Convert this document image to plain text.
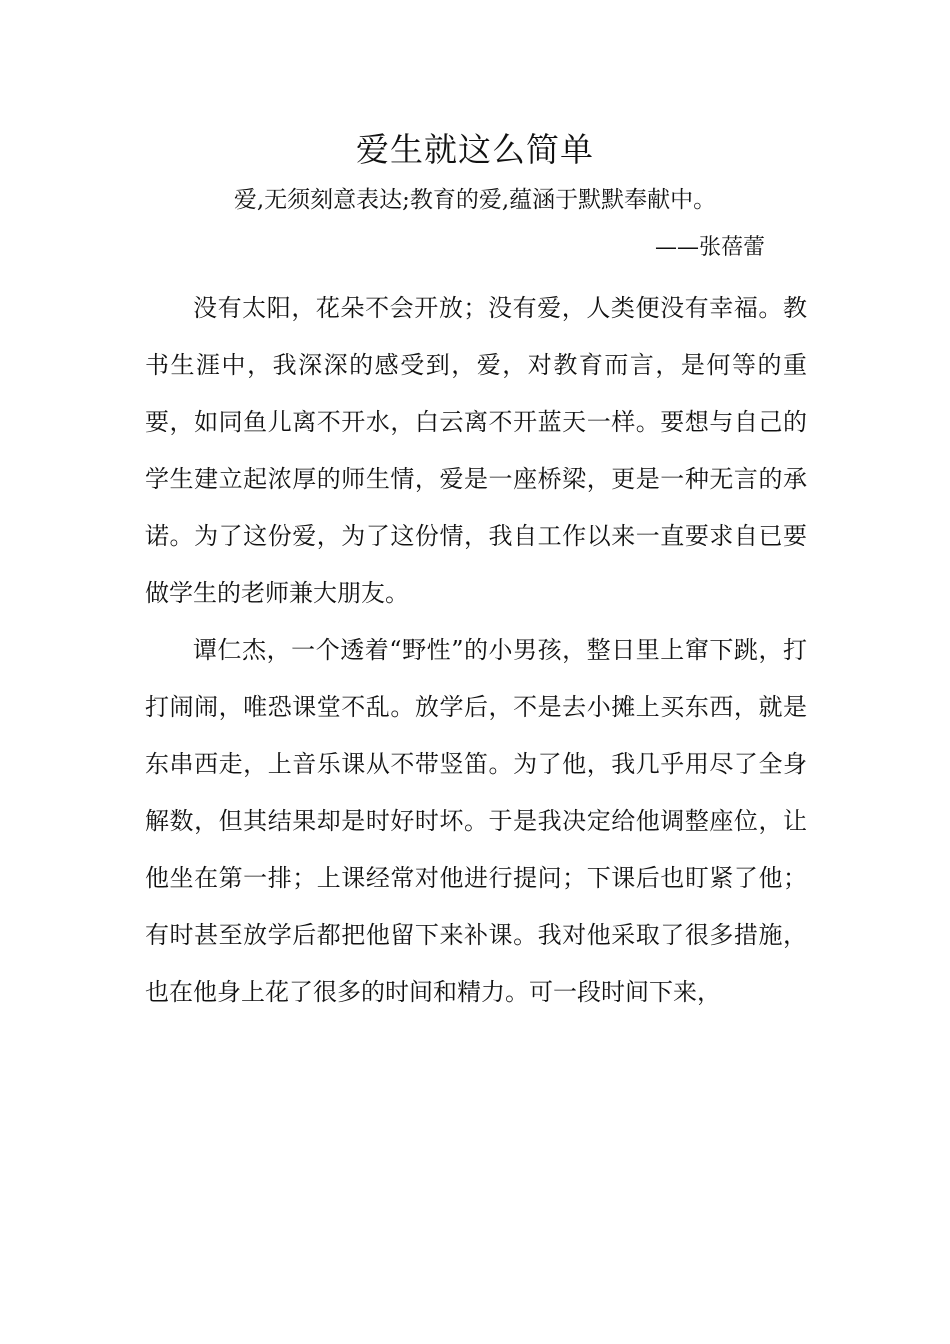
爱生就这么简单
爱,无须刻意表达;教育的爱,蕴涵于默默奉献中。
——张蓓蕾

没有太阳，花朵不会开放；没有爱，人类便没有幸福。教书生涯中，我深深的感受到，爱，对教育而言，是何等的重要，如同鱼儿离不开水，白云离不开蓝天一样。要想与自己的学生建立起浓厚的师生情，爱是一座桥梁，更是一种无言的承诺。为了这份爱，为了这份情，我自工作以来一直要求自已要做学生的老师兼大朋友。

谭仁杰，一个透着“野性”的小男孩，整日里上窜下跳，打打闹闹，唯恐课堂不乱。放学后，不是去小摊上买东西，就是东串西走，上音乐课从不带竖笛。为了他，我几乎用尽了全身解数，但其结果却是时好时坏。于是我决定给他调整座位，让他坐在第一排；上课经常对他进行提问；下课后也盯紧了他；有时甚至放学后都把他留下来补课。我对他采取了很多措施，也在他身上花了很多的时间和精力。可一段时间下来，
